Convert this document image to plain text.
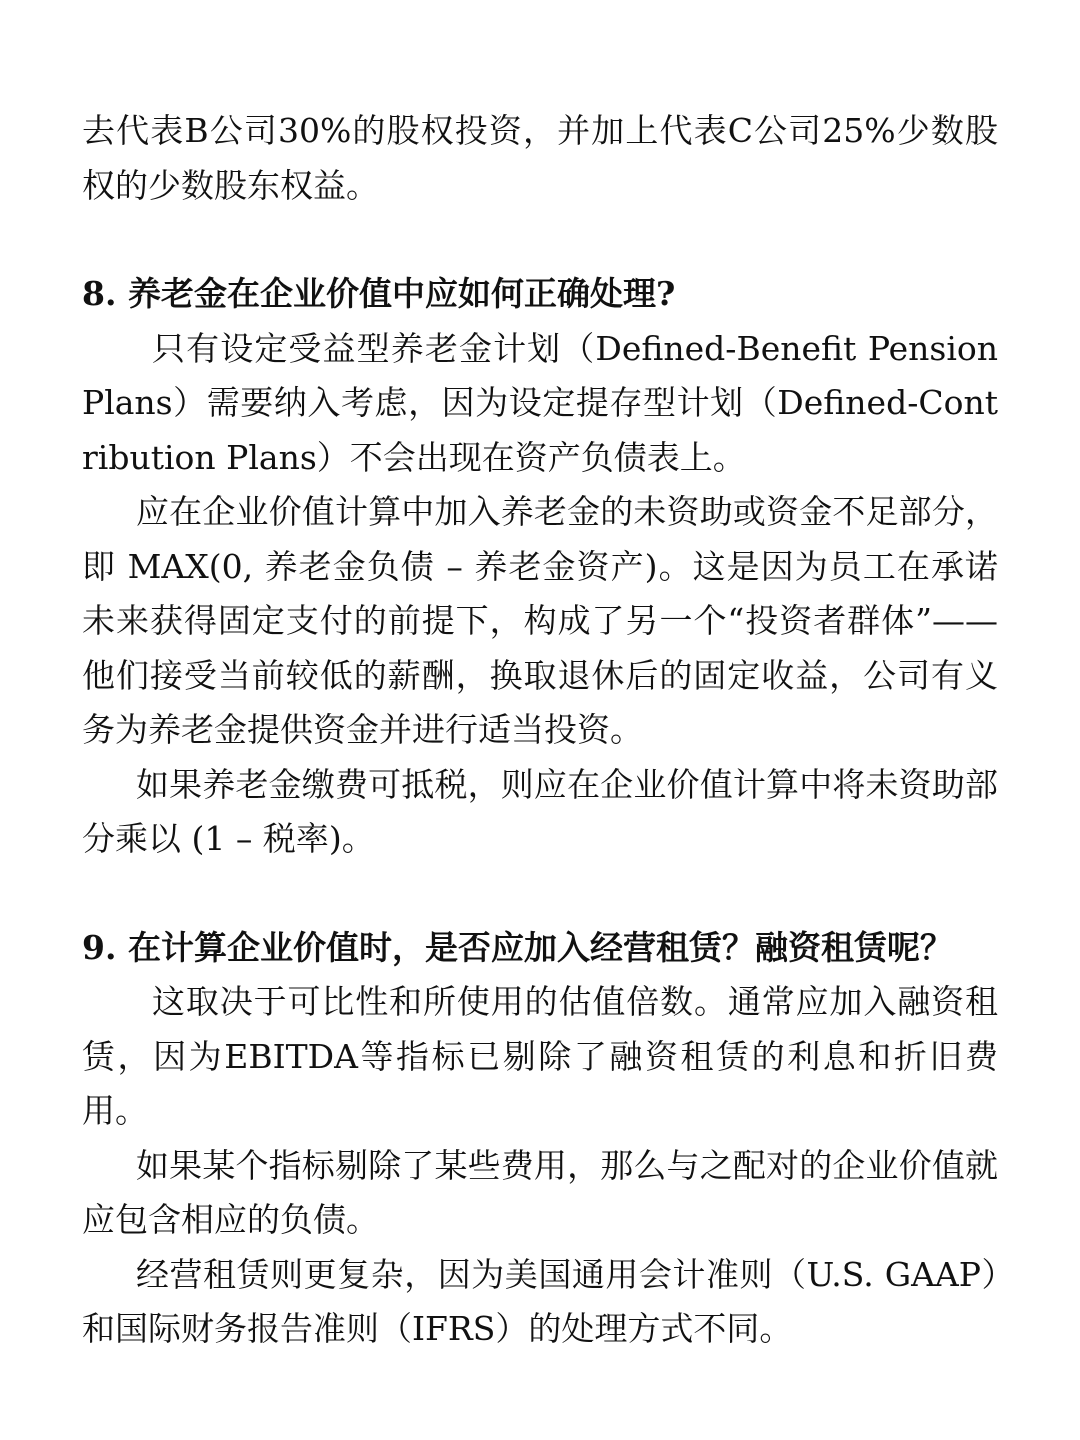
去代表B公司30%的股权投资，并加上代表C公司25%少数股权的少数股东权益。

8. 养老金在企业价值中应如何正确处理?

只有设定受益型养老金计划（Defined-Benefit Pension Plans）需要纳入考虑，因为设定提存型计划（Defined-Contribution Plans）不会出现在资产负债表上。

应在企业价值计算中加入养老金的未资助或资金不足部分，即 MAX(0, 养老金负债 – 养老金资产)。这是因为员工在承诺未来获得固定支付的前提下，构成了另一个“投资者群体”——他们接受当前较低的薪酬，换取退休后的固定收益，公司有义务为养老金提供资金并进行适当投资。

如果养老金缴费可抵税，则应在企业价值计算中将未资助部分乘以 (1 – 税率)。

9. 在计算企业价值时，是否应加入经营租赁？融资租赁呢？

这取决于可比性和所使用的估值倍数。通常应加入融资租赁，因为EBITDA等指标已剔除了融资租赁的利息和折旧费用。

如果某个指标剔除了某些费用，那么与之配对的企业价值就应包含相应的负债。

经营租赁则更复杂，因为美国通用会计准则（U.S. GAAP）和国际财务报告准则（IFRS）的处理方式不同。
